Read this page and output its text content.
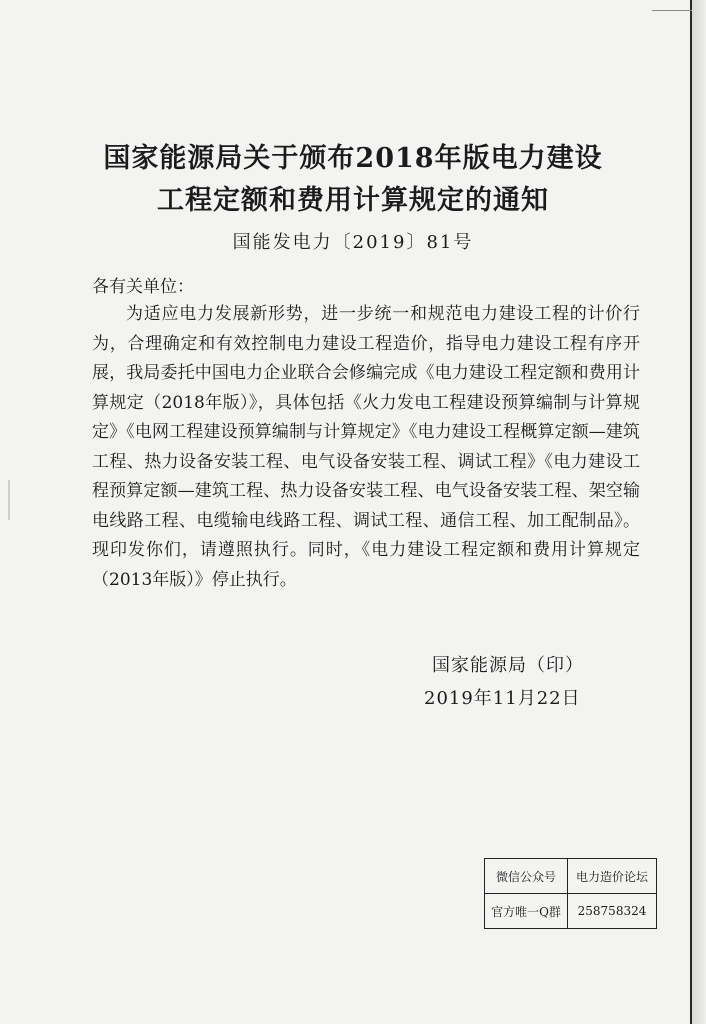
国家能源局关于颁布2018年版电力建设
工程定额和费用计算规定的通知
国能发电力〔2019〕81号
各有关单位：
为适应电力发展新形势，进一步统一和规范电力建设工程的计价行为，合理确定和有效控制电力建设工程造价，指导电力建设工程有序开展，我局委托中国电力企业联合会修编完成《电力建设工程定额和费用计算规定（2018年版）》，具体包括《火力发电工程建设预算编制与计算规定》《电网工程建设预算编制与计算规定》《电力建设工程概算定额—建筑工程、热力设备安装工程、电气设备安装工程、调试工程》《电力建设工程预算定额—建筑工程、热力设备安装工程、电气设备安装工程、架空输电线路工程、电缆输电线路工程、调试工程、通信工程、加工配制品》。现印发你们，请遵照执行。同时，《电力建设工程定额和费用计算规定（2013年版）》停止执行。
国家能源局（印）
2019年11月22日
微信公众号	电力造价论坛
官方唯一Q群	258758324
